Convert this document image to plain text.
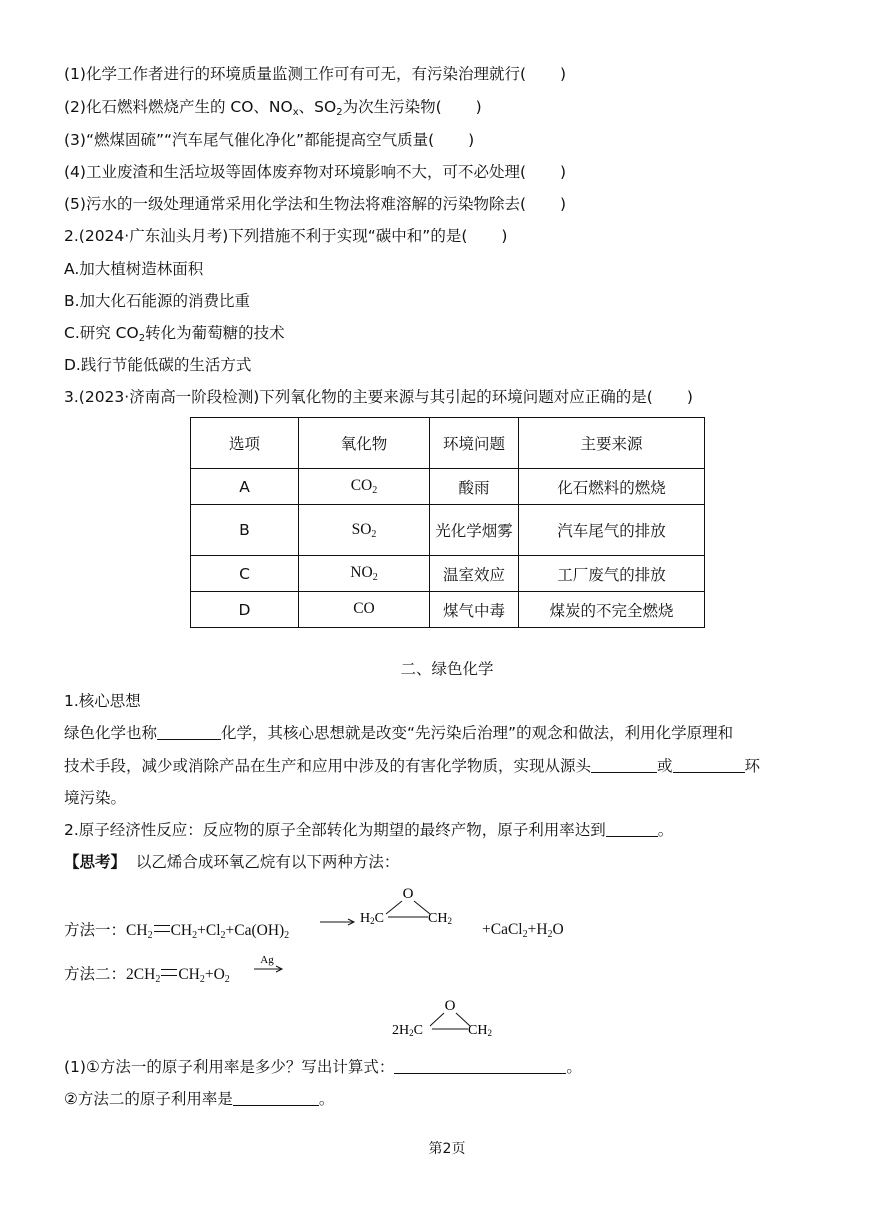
(1)化学工作者进行的环境质量监测工作可有可无，有污染治理就行( )
(2)化石燃料燃烧产生的 CO、$NO_x$、$SO_2$为次生污染物( )
(3)“燃煤固硫”“汽车尾气催化净化”都能提高空气质量( )
(4)工业废渣和生活垃圾等固体废弃物对环境影响不大，可不必处理( )
(5)污水的一级处理通常采用化学法和生物法将难溶解的污染物除去( )
2.(2024·广东汕头月考)下列措施不利于实现“碳中和”的是( )
A.加大植树造林面积
B.加大化石能源的消费比重
C.研究 $CO_2$转化为葡萄糖的技术
D.践行节能低碳的生活方式
3.(2023·济南高一阶段检测)下列氧化物的主要来源与其引起的环境问题对应正确的是( )
选项	氧化物	环境问题	主要来源
A	$CO_2$	酸雨	化石燃料的燃烧
B	$SO_2$	光化学烟雾	汽车尾气的排放
C	$NO_2$	温室效应	工厂废气的排放
D	CO	煤气中毒	煤炭的不完全燃烧
二、绿色化学
1.核心思想
绿色化学也称	化学，其核心思想就是改变“先污染后治理”的观念和做法，利用化学原理和
技术手段，减少或消除产品在生产和应用中涉及的有害化学物质，实现从源头	或	环
境污染。
2.原子经济性反应：反应物的原子全部转化为期望的最终产物，原子利用率达到	。
【思考】 以乙烯合成环氧乙烷有以下两种方法：
方法一：$CH_2$ $CH_2+Cl_2+Ca(OH)_2$
O
H2C	$CH2 +CaCl_2+H_2O$
方法二：$2CH_2$ $CH_2+O_2$
Ag
O
2H2C	CH2
(1)①方法一的原子利用率是多少？写出计算式：	。
②方法二的原子利用率是	。
第2页
